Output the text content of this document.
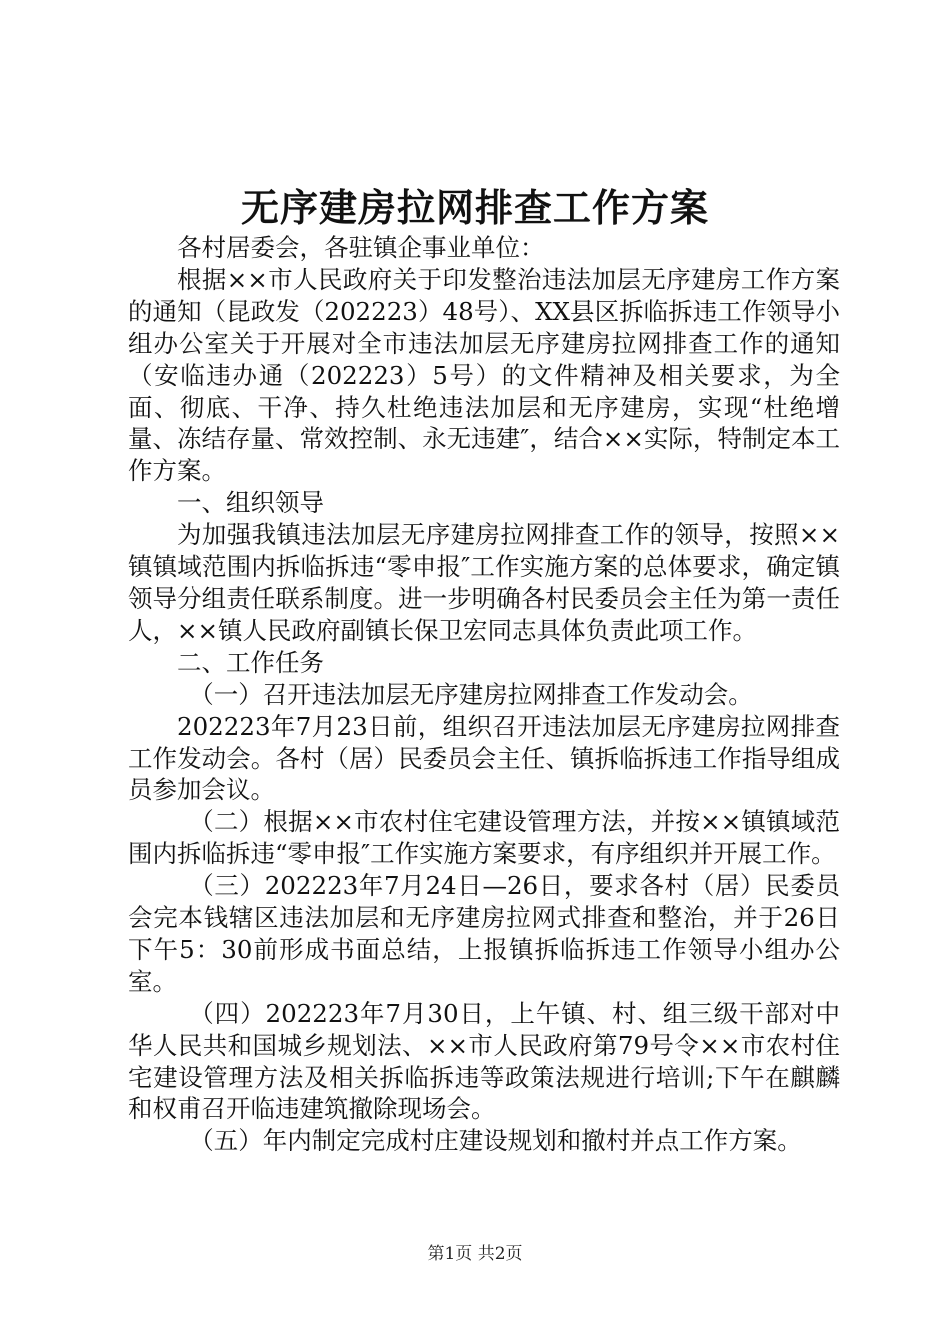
无序建房拉网排查工作方案

各村居委会，各驻镇企事业单位：

根据××市人民政府关于印发整治违法加层无序建房工作方案的通知（昆政发（202223）48号）、XX县区拆临拆违工作领导小组办公室关于开展对全市违法加层无序建房拉网排查工作的通知（安临违办通（202223）5号）的文件精神及相关要求，为全面、彻底、干净、持久杜绝违法加层和无序建房，实现“杜绝增量、冻结存量、常效控制、永无违建″，结合××实际，特制定本工作方案。

一、组织领导

为加强我镇违法加层无序建房拉网排查工作的领导，按照××镇镇域范围内拆临拆违“零申报″工作实施方案的总体要求，确定镇领导分组责任联系制度。进一步明确各村民委员会主任为第一责任人，××镇人民政府副镇长保卫宏同志具体负责此项工作。

二、工作任务

（一）召开违法加层无序建房拉网排查工作发动会。

202223年7月23日前，组织召开违法加层无序建房拉网排查工作发动会。各村（居）民委员会主任、镇拆临拆违工作指导组成员参加会议。

（二）根据××市农村住宅建设管理方法，并按××镇镇域范围内拆临拆违“零申报″工作实施方案要求，有序组织并开展工作。

（三）202223年7月24日—26日，要求各村（居）民委员会完本钱辖区违法加层和无序建房拉网式排查和整治，并于26日下午5：30前形成书面总结，上报镇拆临拆违工作领导小组办公室。

（四）202223年7月30日，上午镇、村、组三级干部对中华人民共和国城乡规划法、××市人民政府第79号令××市农村住宅建设管理方法及相关拆临拆违等政策法规进行培训;下午在麒麟和权甫召开临违建筑撤除现场会。

（五）年内制定完成村庄建设规划和撤村并点工作方案。

第1页 共2页
